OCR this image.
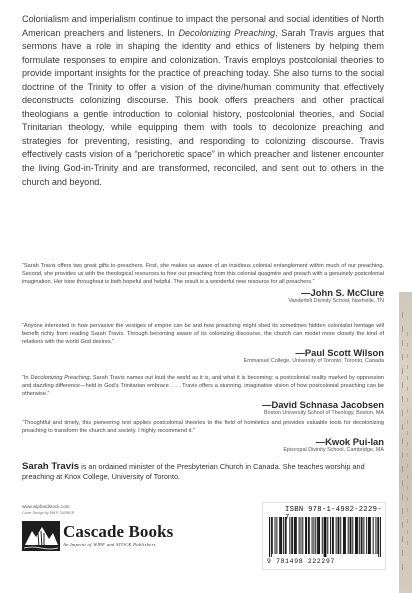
Colonialism and imperialism continue to impact the personal and social identities of North American preachers and listeners. In Decolonizing Preaching, Sarah Travis argues that sermons have a role in shaping the identity and ethics of listeners by helping them formulate responses to empire and colonization. Travis employs postcolonial theories to provide important insights for the practice of preaching today. She also turns to the social doctrine of the Trinity to offer a vision of the divine/human community that effectively deconstructs colonizing discourse. This book offers preachers and other practical theologians a gentle introduction to colonial history, postcolonial theories, and Social Trinitarian theology, while equipping them with tools to decolonize preaching and strategies for preventing, resisting, and responding to colonizing discourse. Travis effectively casts vision of a “perichoretic space” in which preacher and listener encounter the living God-in-Trinity and are transformed, reconciled, and sent out to others in the church and beyond.

“Sarah Travis offers two great gifts to preachers. First, she makes us aware of an insidious colonial entanglement within much of our preaching. Second, she provides us with the theological resources to free our preaching from this colonial quagmire and preach with a genuinely postcolonial imagination. Her tone throughout is both hopeful and helpful. The result is a wonderful new resource for all preachers.”

—John S. McClure
Vanderbilt Divinity School, Nashville, TN

“Anyone interested in how pervasive the vestiges of empire can be and how preaching might shed its sometimes hidden colonialist heritage will benefit richly from reading Sarah Travis. Through becoming aware of its colonizing discourse, the church can model more closely the kind of relations with the world God desires.”

—Paul Scott Wilson
Emmanuel College, University of Toronto, Toronto, Canada

“In Decolonizing Preaching, Sarah Travis names out loud the world as it is, and what it is becoming: a postcolonial reality marked by oppression and dazzling difference—held in God’s Trinitarian embrace. . . . Travis offers a stunning, imaginative vision of how postcolonial preaching can be otherwise.”

—David Schnasa Jacobsen
Boston University School of Theology, Boston, MA

“Thoughtful and timely, this pioneering text applies postcolonial theories to the field of homiletics and provides valuable tools for decolonizing preaching to transform the church and society. I highly recommend it.”

—Kwok Pui-lan
Episcopal Divinity School, Cambridge, MA

Sarah Travis is an ordained minister of the Presbyterian Church in Canada. She teaches worship and preaching at Knox College, University of Toronto.

www.wipfandstock.com
Cover Design by MIKE SURBER
Cascade Books
An Imprint of WIPF and STOCK Publishers
ISBN 978-1-4982-2229-7
9 781498 222297
